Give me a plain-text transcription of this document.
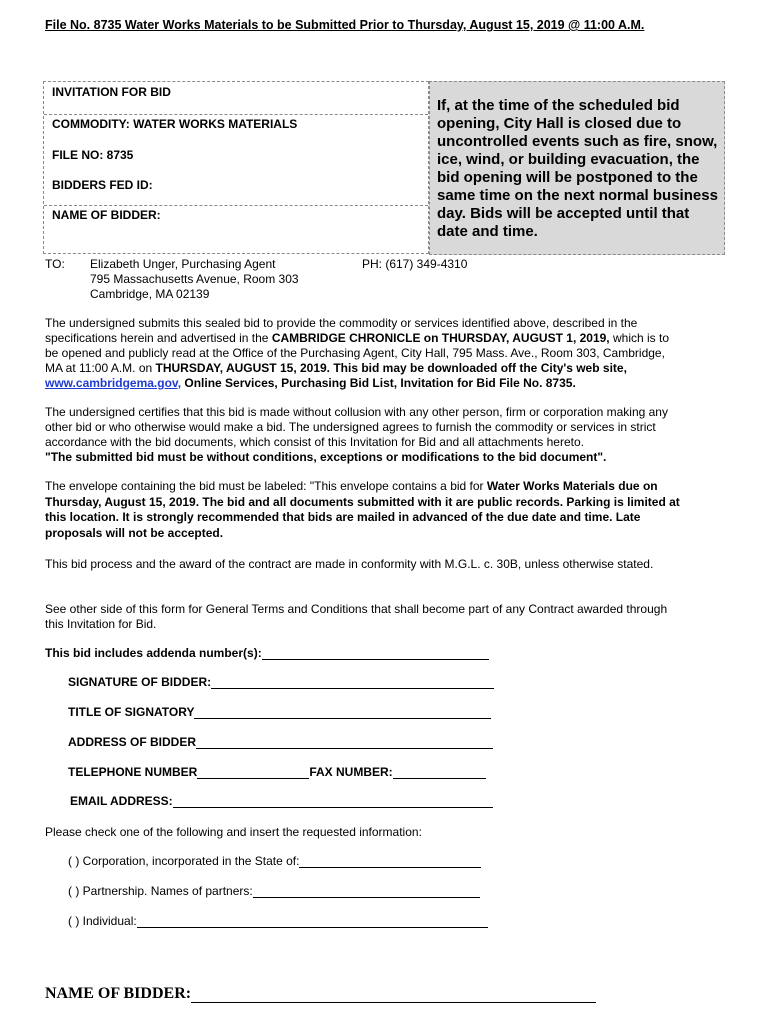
File No. 8735 Water Works Materials to be Submitted Prior to Thursday, August 15, 2019 @ 11:00 A.M.
INVITATION FOR BID
COMMODITY: WATER WORKS MATERIALS
FILE NO: 8735
BIDDERS FED ID:
NAME OF BIDDER:
If, at the time of the scheduled bid opening, City Hall is closed due to uncontrolled events such as fire, snow, ice, wind, or building evacuation, the bid opening will be postponed to the same time on the next normal business day. Bids will be accepted until that date and time.
TO: Elizabeth Unger, Purchasing Agent
795 Massachusetts Avenue, Room 303
Cambridge, MA 02139
PH: (617) 349-4310
The undersigned submits this sealed bid to provide the commodity or services identified above, described in the specifications herein and advertised in the CAMBRIDGE CHRONICLE on THURSDAY, AUGUST 1, 2019, which is to be opened and publicly read at the Office of the Purchasing Agent, City Hall, 795 Mass. Ave., Room 303, Cambridge, MA at 11:00 A.M. on THURSDAY, AUGUST 15, 2019. This bid may be downloaded off the City's web site, www.cambridgema.gov, Online Services, Purchasing Bid List, Invitation for Bid File No. 8735.
The undersigned certifies that this bid is made without collusion with any other person, firm or corporation making any other bid or who otherwise would make a bid. The undersigned agrees to furnish the commodity or services in strict accordance with the bid documents, which consist of this Invitation for Bid and all attachments hereto.
"The submitted bid must be without conditions, exceptions or modifications to the bid document".
The envelope containing the bid must be labeled: "This envelope contains a bid for Water Works Materials due on Thursday, August 15, 2019. The bid and all documents submitted with it are public records. Parking is limited at this location. It is strongly recommended that bids are mailed in advanced of the due date and time. Late proposals will not be accepted.
This bid process and the award of the contract are made in conformity with M.G.L. c. 30B, unless otherwise stated.
See other side of this form for General Terms and Conditions that shall become part of any Contract awarded through this Invitation for Bid.
This bid includes addenda number(s):
SIGNATURE OF BIDDER:
TITLE OF SIGNATORY
ADDRESS OF BIDDER
TELEPHONE NUMBER	FAX NUMBER:
EMAIL ADDRESS:
Please check one of the following and insert the requested information:
( ) Corporation, incorporated in the State of:
( ) Partnership. Names of partners:
( ) Individual:
NAME OF BIDDER:
